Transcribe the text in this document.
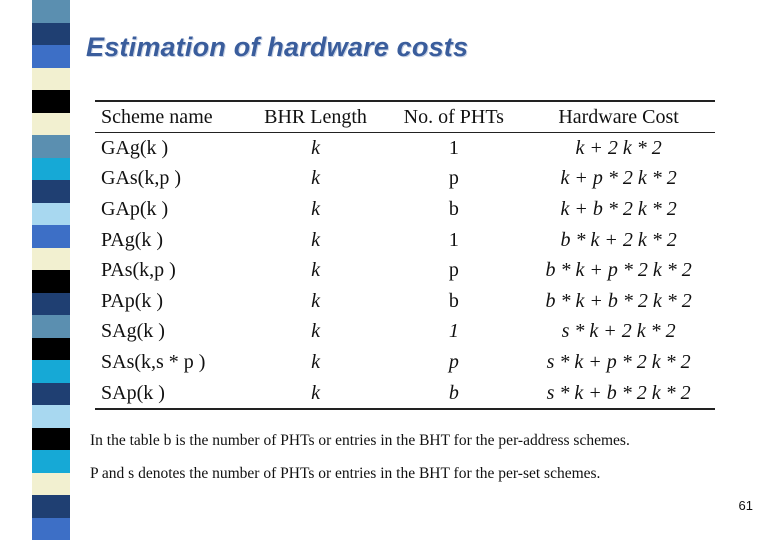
Estimation of hardware costs
Scheme name	BHR Length	No. of PHTs	Hardware Cost
GAg(k )	k	1	k + 2 k * 2
GAs(k,p )	k	p	k + p * 2 k * 2
GAp(k )	k	b	k + b * 2 k * 2
PAg(k )	k	1	b * k + 2 k * 2
PAs(k,p )	k	p	b * k + p * 2 k * 2
PAp(k )	k	b	b * k + b * 2 k * 2
SAg(k )	k	1	s * k + 2 k * 2
SAs(k,s * p )	k	p	s * k + p * 2 k * 2
SAp(k )	k	b	s * k + b * 2 k * 2
In the table b is the number of PHTs or entries in the BHT for the per-address schemes.
P and s denotes the number of PHTs or entries in the BHT for the per-set schemes.
61
